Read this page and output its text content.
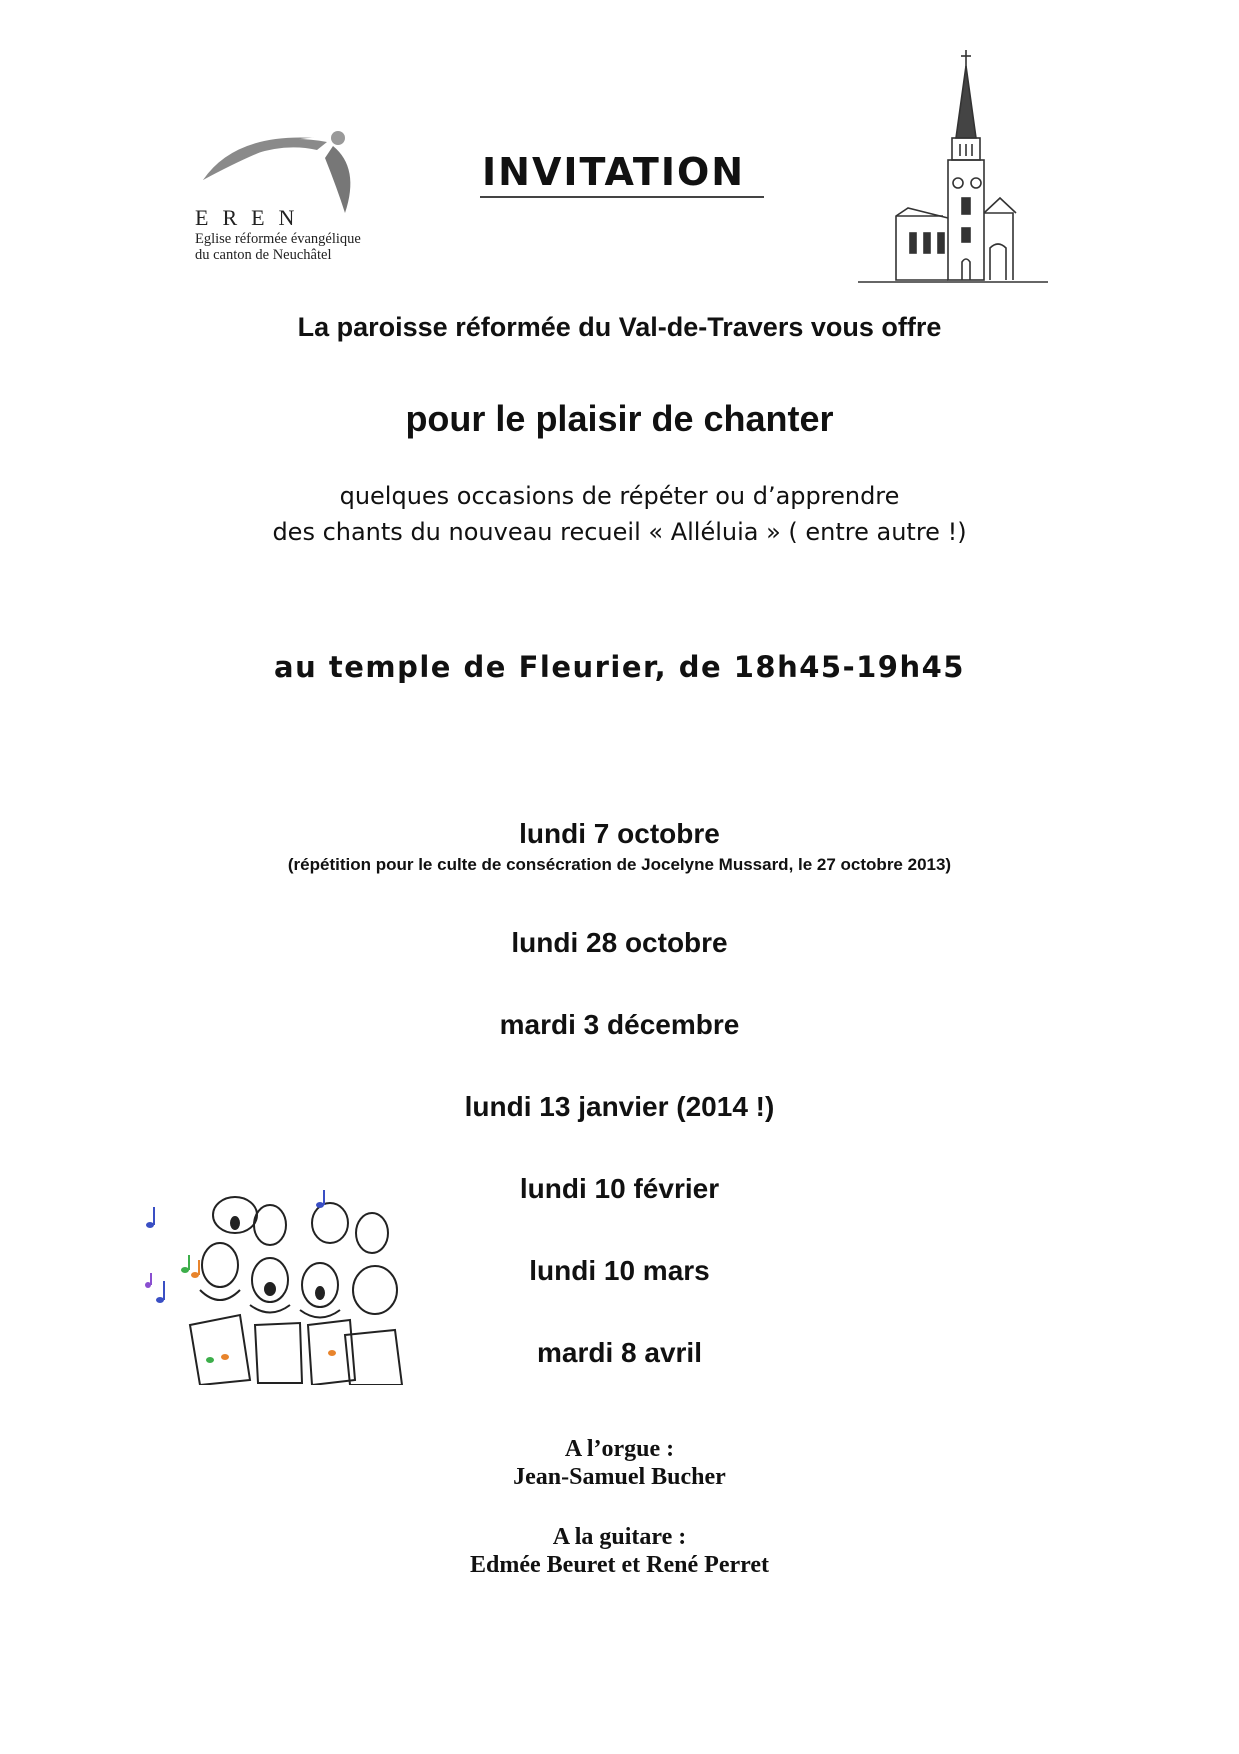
EREN
Eglise réformée évangélique
du canton de Neuchâtel
INVITATION
La paroisse réformée du Val-de-Travers vous offre
pour le plaisir de chanter
quelques occasions de répéter ou d’apprendre
des chants du nouveau recueil « Alléluia » ( entre autre !)
au temple de Fleurier, de 18h45-19h45
lundi 7 octobre
(répétition pour le culte de consécration de Jocelyne Mussard, le 27 octobre 2013)
lundi 28 octobre
mardi 3 décembre
lundi 13 janvier (2014 !)
lundi 10 février
lundi 10 mars
mardi 8 avril
A l’orgue :
Jean-Samuel Bucher
A la guitare :
Edmée Beuret et René Perret
